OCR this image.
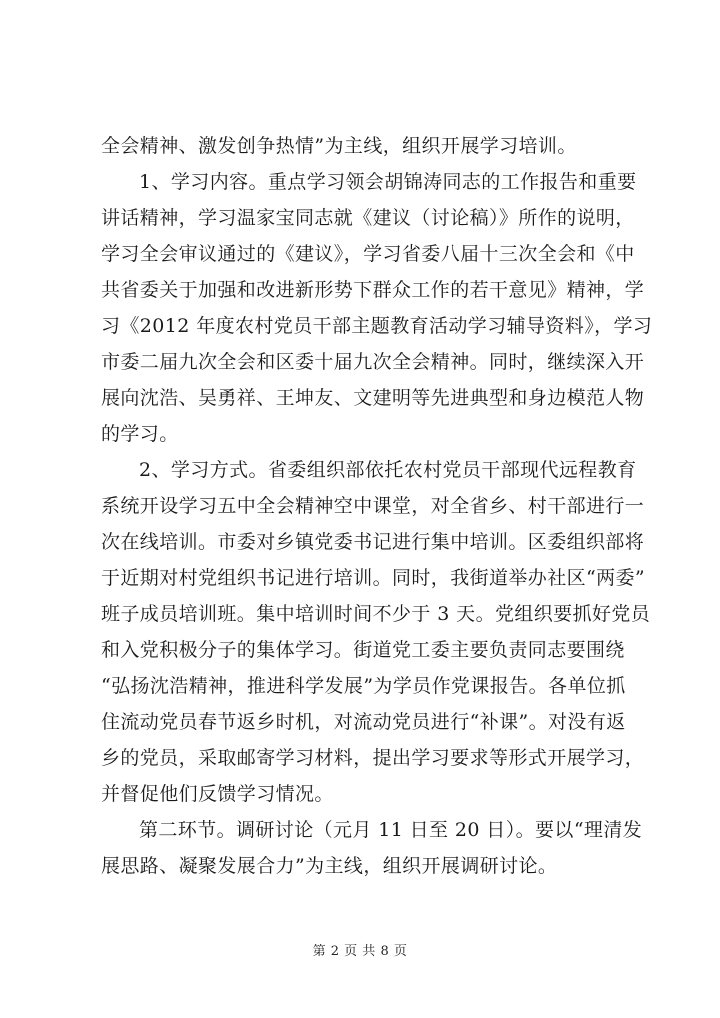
全会精神、激发创争热情”为主线，组织开展学习培训。
1、学习内容。重点学习领会胡锦涛同志的工作报告和重要
讲话精神，学习温家宝同志就《建议（讨论稿）》所作的说明，
学习全会审议通过的《建议》，学习省委八届十三次全会和《中
共省委关于加强和改进新形势下群众工作的若干意见》精神，学
习《2012 年度农村党员干部主题教育活动学习辅导资料》，学习
市委二届九次全会和区委十届九次全会精神。同时，继续深入开
展向沈浩、吴勇祥、王坤友、文建明等先进典型和身边模范人物
的学习。
2、学习方式。省委组织部依托农村党员干部现代远程教育
系统开设学习五中全会精神空中课堂，对全省乡、村干部进行一
次在线培训。市委对乡镇党委书记进行集中培训。区委组织部将
于近期对村党组织书记进行培训。同时，我街道举办社区“两委”
班子成员培训班。集中培训时间不少于 3 天。党组织要抓好党员
和入党积极分子的集体学习。街道党工委主要负责同志要围绕
“弘扬沈浩精神，推进科学发展”为学员作党课报告。各单位抓
住流动党员春节返乡时机，对流动党员进行“补课”。对没有返
乡的党员，采取邮寄学习材料，提出学习要求等形式开展学习，
并督促他们反馈学习情况。
第二环节。调研讨论（元月 11 日至 20 日）。要以“理清发
展思路、凝聚发展合力”为主线，组织开展调研讨论。
第 2 页 共 8 页
